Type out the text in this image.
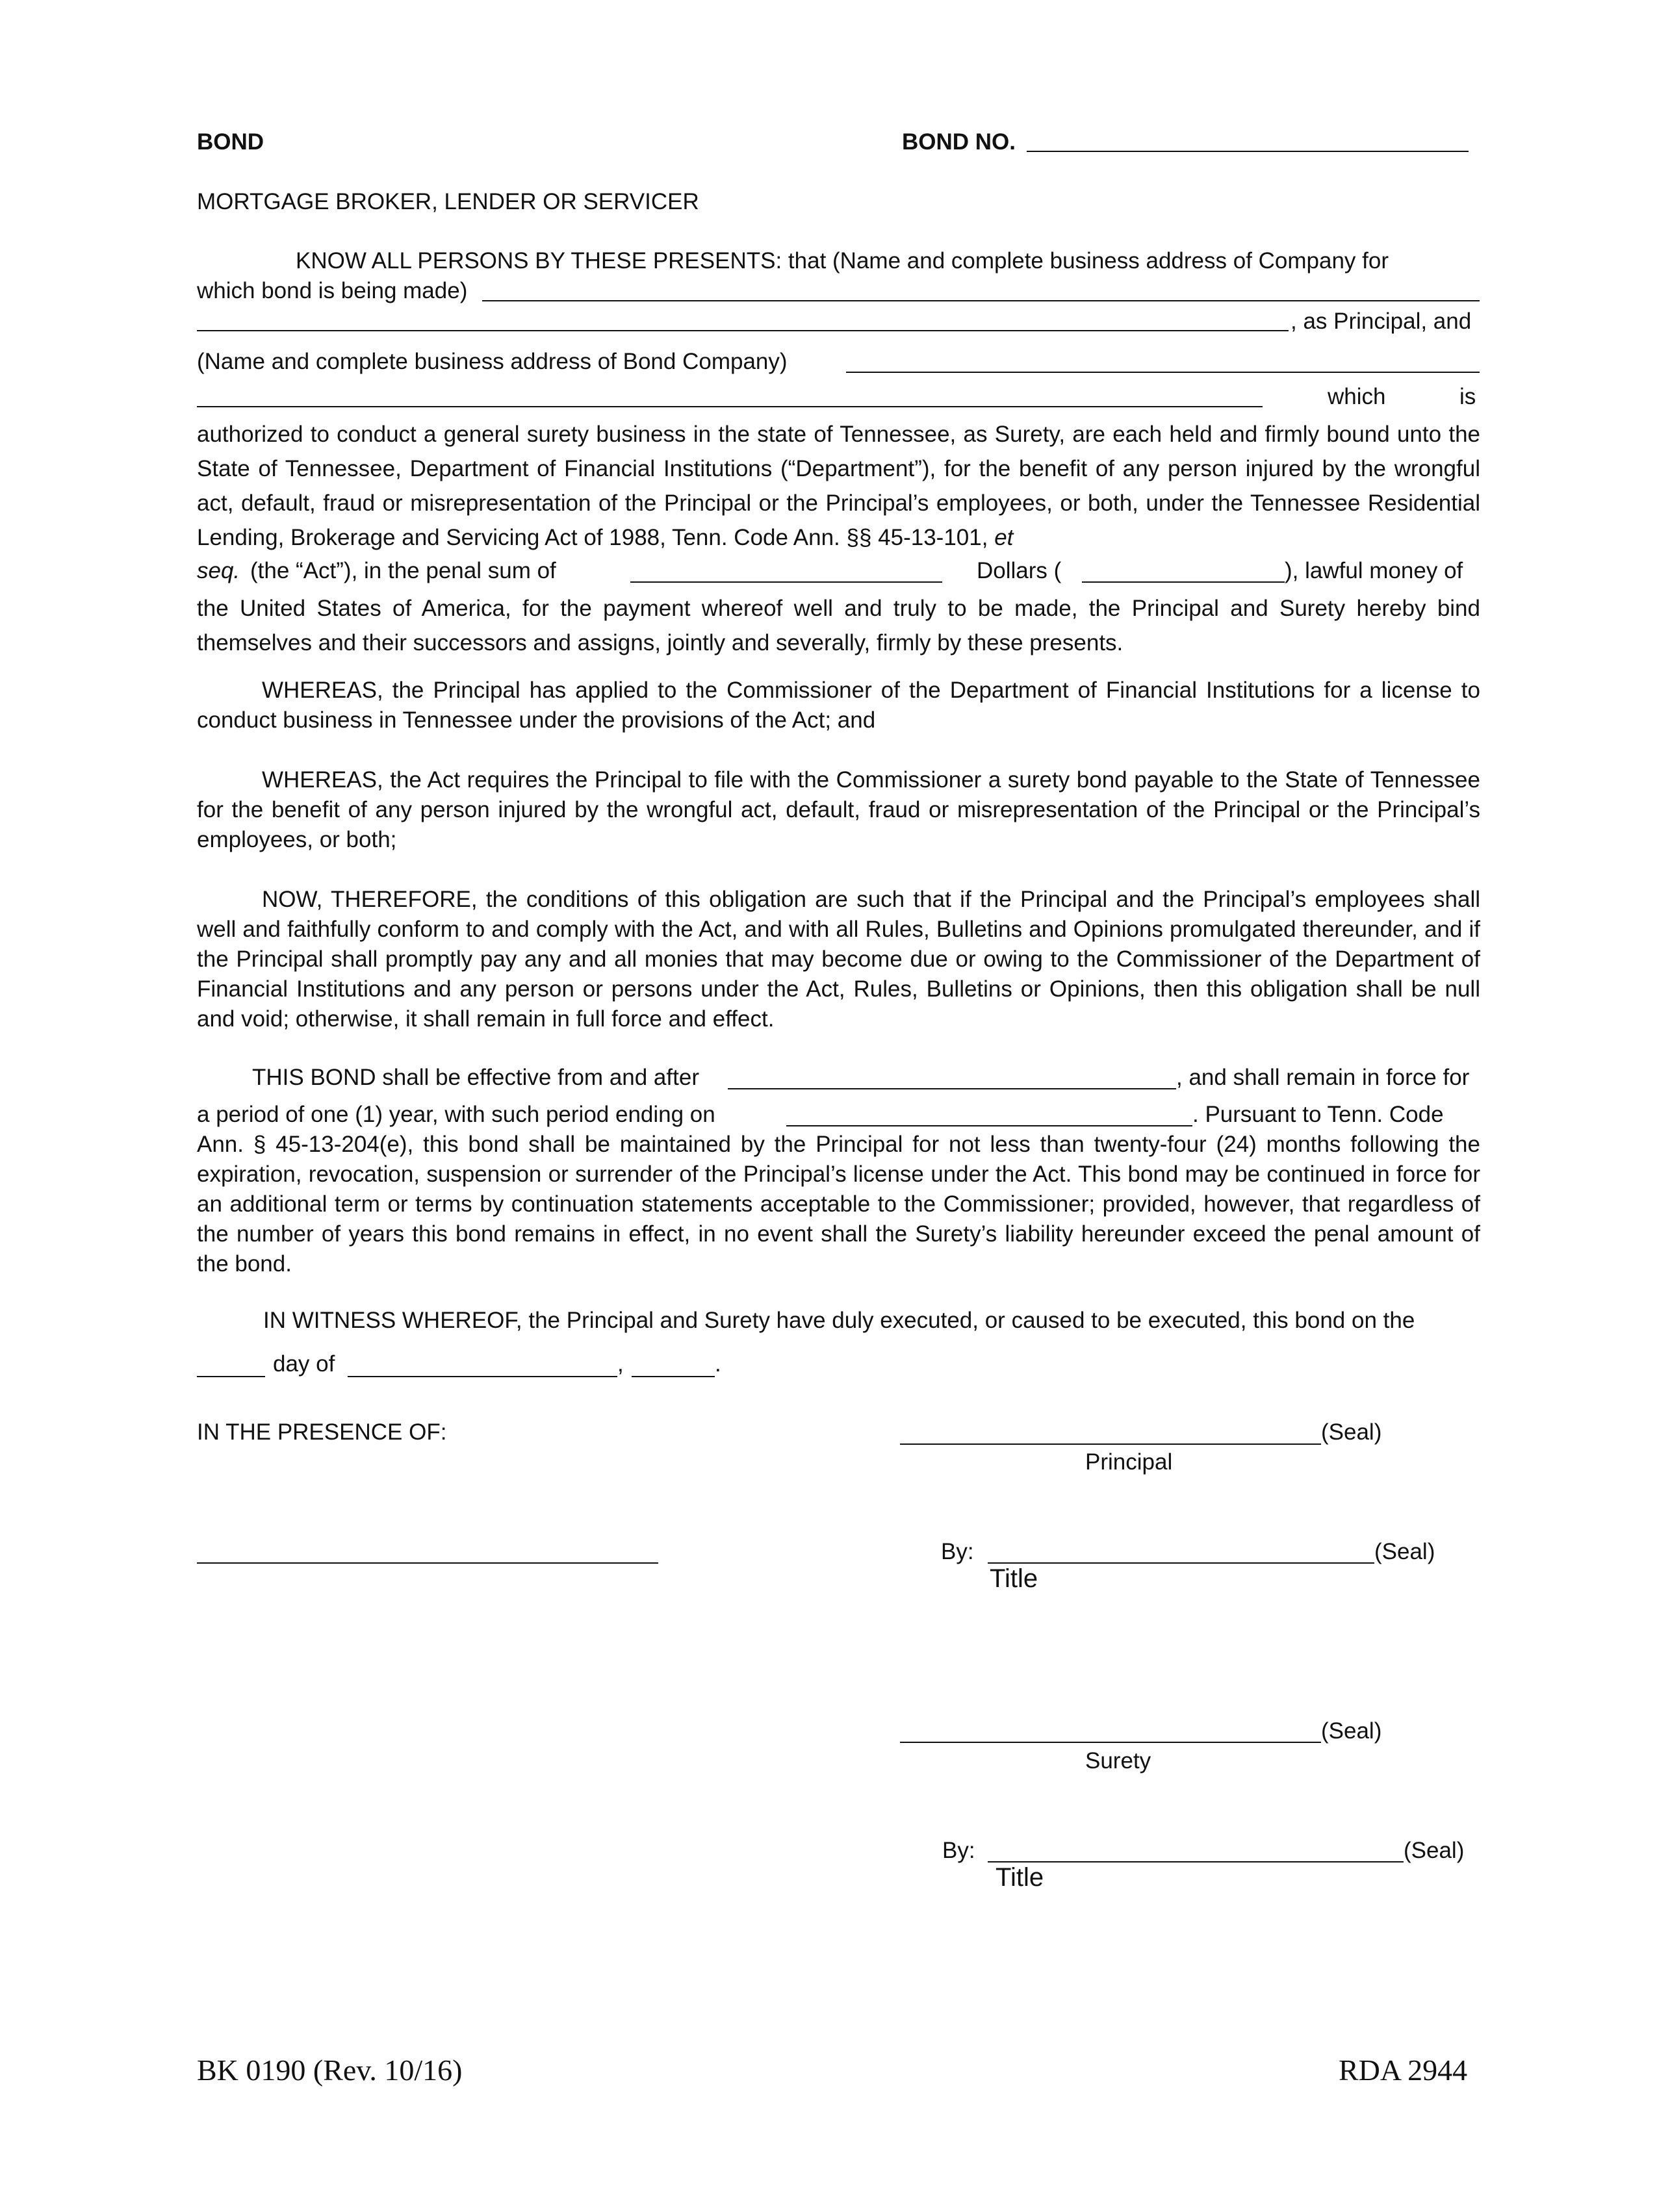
BOND	BOND NO.
MORTGAGE BROKER, LENDER OR SERVICER
KNOW ALL PERSONS BY THESE PRESENTS: that (Name and complete business address of Company for
which bond is being made)
, as Principal, and
(Name and complete business address of Bond Company)
which	is
authorized to conduct a general surety business in the state of Tennessee, as Surety, are each held and firmly bound unto the State of Tennessee, Department of Financial Institutions (“Department”), for the benefit of any person injured by the wrongful act, default, fraud or misrepresentation of the Principal or the Principal’s employees, or both, under the Tennessee Residential Lending, Brokerage and Servicing Act of 1988, Tenn. Code Ann. §§ 45-13-101, et
seq. (the “Act”), in the penal sum of	Dollars (	), lawful money of
the United States of America, for the payment whereof well and truly to be made, the Principal and Surety hereby bind themselves and their successors and assigns, jointly and severally, firmly by these presents.
WHEREAS, the Principal has applied to the Commissioner of the Department of Financial Institutions for a license to conduct business in Tennessee under the provisions of the Act; and
WHEREAS, the Act requires the Principal to file with the Commissioner a surety bond payable to the State of Tennessee for the benefit of any person injured by the wrongful act, default, fraud or misrepresentation of the Principal or the Principal’s employees, or both;
NOW, THEREFORE, the conditions of this obligation are such that if the Principal and the Principal’s employees shall well and faithfully conform to and comply with the Act, and with all Rules, Bulletins and Opinions promulgated thereunder, and if the Principal shall promptly pay any and all monies that may become due or owing to the Commissioner of the Department of Financial Institutions and any person or persons under the Act, Rules, Bulletins or Opinions, then this obligation shall be null and void; otherwise, it shall remain in full force and effect.
THIS BOND shall be effective from and after	, and shall remain in force for
a period of one (1) year, with such period ending on	. Pursuant to Tenn. Code
Ann. § 45-13-204(e), this bond shall be maintained by the Principal for not less than twenty-four (24) months following the expiration, revocation, suspension or surrender of the Principal’s license under the Act. This bond may be continued in force for an additional term or terms by continuation statements acceptable to the Commissioner; provided, however, that regardless of the number of years this bond remains in effect, in no event shall the Surety’s liability hereunder exceed the penal amount of the bond.
IN WITNESS WHEREOF, the Principal and Surety have duly executed, or caused to be executed, this bond on the
day of	,	.
IN THE PRESENCE OF:	(Seal)
Principal
By:	(Seal)
Title
(Seal)
Surety
By:	(Seal)
Title
BK 0190 (Rev. 10/16)	RDA 2944
